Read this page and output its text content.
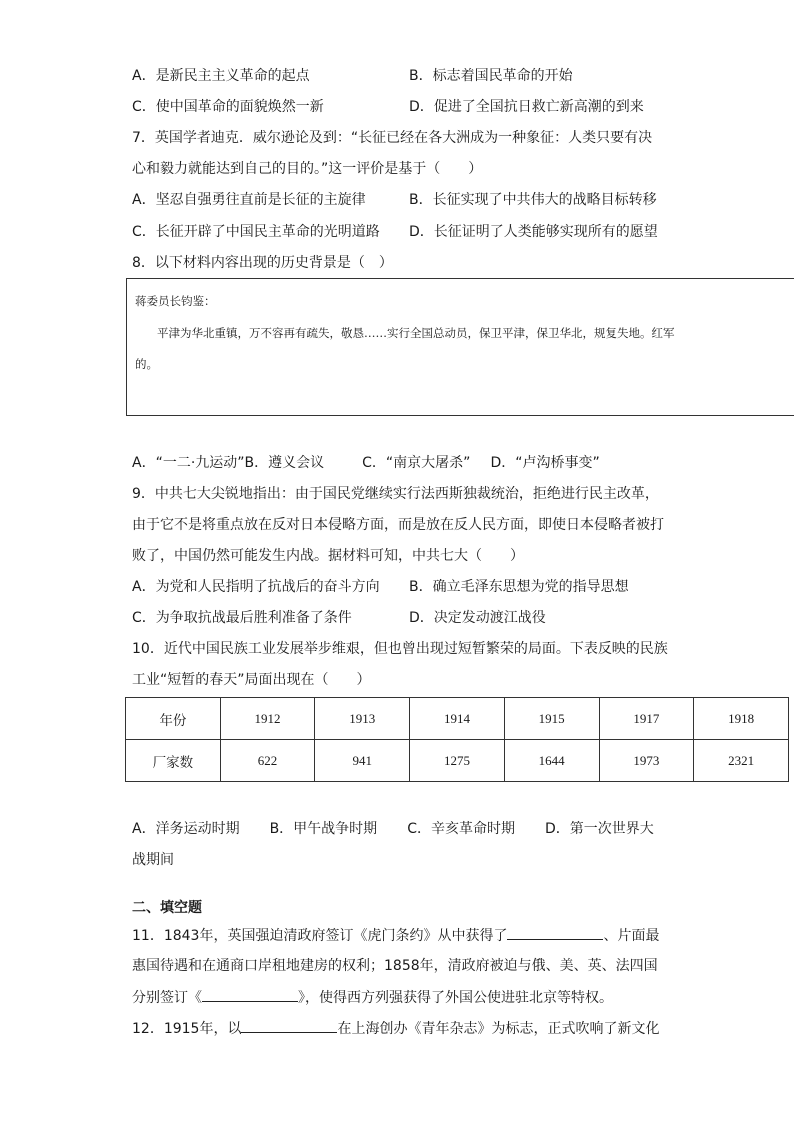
A．是新民主主义革命的起点	B．标志着国民革命的开始
C．使中国革命的面貌焕然一新	D．促进了全国抗日救亡新高潮的到来
7．英国学者迪克．威尔逊论及到：“长征已经在各大洲成为一种象征：人类只要有决
心和毅力就能达到自己的目的。”这一评价是基于（　　）
A．坚忍自强勇往直前是长征的主旋律	B．长征实现了中共伟大的战略目标转移
C．长征开辟了中国民主革命的光明道路 D．长征证明了人类能够实现所有的愿望
8．以下材料内容出现的历史背景是（　）
蒋委员长钧鉴：
平津为华北重镇，万不容再有疏失，敬恳……实行全国总动员，保卫平津，保卫华北，规复失地。红军
的。
A．“一二·九运动”B．遵义会议	C．“南京大屠杀” D．“卢沟桥事变”
9．中共七大尖锐地指出：由于国民党继续实行法西斯独裁统治，拒绝进行民主改革，
由于它不是将重点放在反对日本侵略方面，而是放在反人民方面，即使日本侵略者被打
败了，中国仍然可能发生内战。据材料可知，中共七大（　　）
A．为党和人民指明了抗战后的奋斗方向 B．确立毛泽东思想为党的指导思想
C．为争取抗战最后胜利准备了条件	D．决定发动渡江战役
10．近代中国民族工业发展举步维艰，但也曾出现过短暂繁荣的局面。下表反映的民族
工业“短暂的春天”局面出现在（　　）
年份	1912	1913	1914	1915	1917	1918
厂家数	622	941	1275	1644	1973	2321
A．洋务运动时期 B．甲午战争时期 C．辛亥革命时期 D．第一次世界大
战期间
二、填空题
11．1843年，英国强迫清政府签订《虎门条约》从中获得了	、片面最
惠国待遇和在通商口岸租地建房的权利；1858年，清政府被迫与俄、美、英、法四国
分别签订《	》，使得西方列强获得了外国公使进驻北京等特权。
12．1915年，以	在上海创办《青年杂志》为标志，正式吹响了新文化
